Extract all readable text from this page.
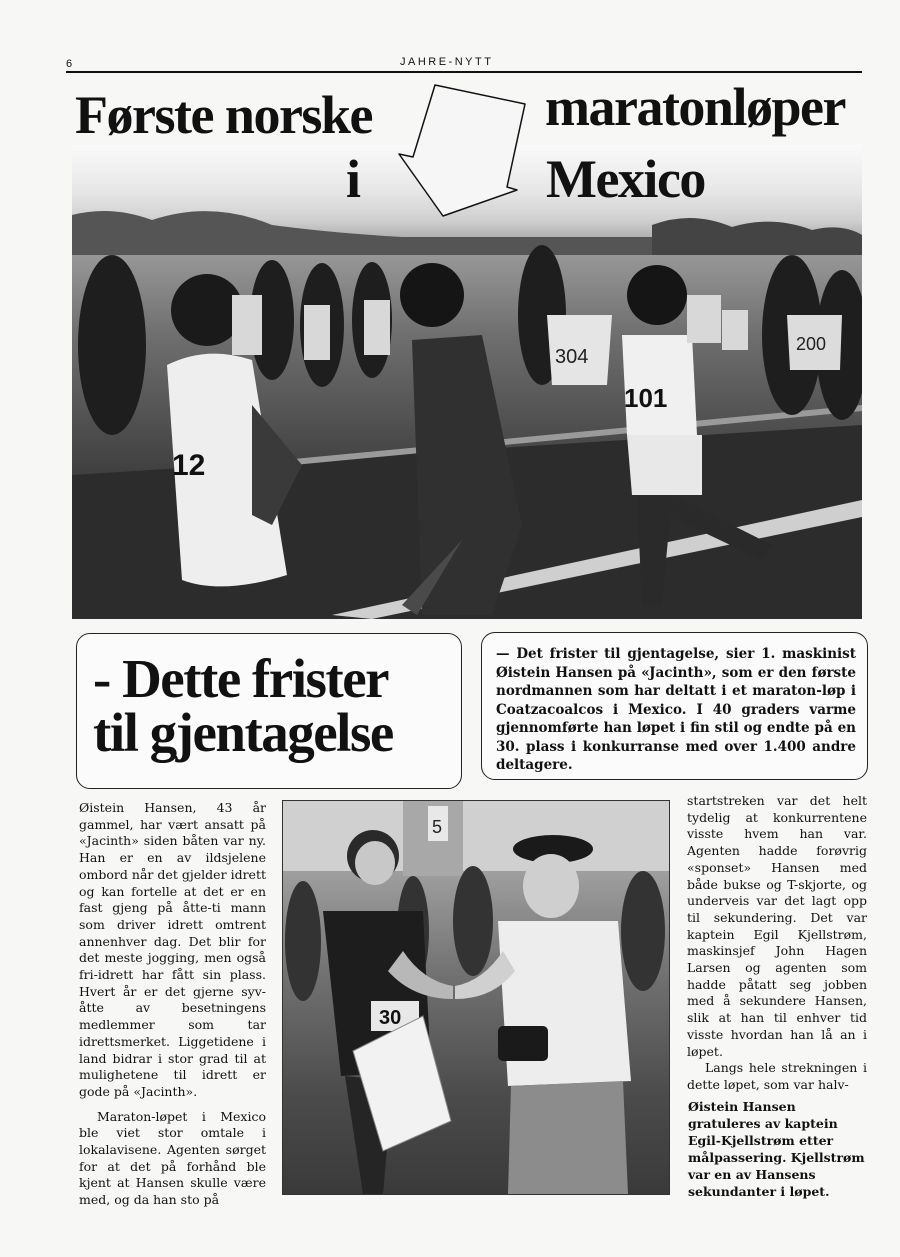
6	JAHRE-NYTT
12
101
304
200
Første norske	maratonløper
i	Mexico
- Dette frister
til gjentagelse
— Det frister til gjentagelse, sier 1. maskinist Øistein Hansen på «Jacinth», som er den første nordmannen som har deltatt i et maraton-løp i Coatzacoalcos i Mexico. I 40 graders varme gjennomførte han løpet i fin stil og endte på en 30. plass i konkurranse med over 1.400 andre deltagere.

Øistein Hansen, 43 år gammel, har vært ansatt på «Jacinth» siden båten var ny. Han er en av ildsjelene ombord når det gjelder idrett og kan fortelle at det er en fast gjeng på åtte-ti mann som driver idrett omtrent annenhver dag. Det blir for det meste jogging, men også fri-idrett har fått sin plass. Hvert år er det gjerne syv-åtte av besetningens medlemmer som tar idrettsmerket. Liggetidene i land bidrar i stor grad til at mulighetene til idrett er gode på «Jacinth».

Maraton-løpet i Mexico ble viet stor omtale i lokalavisene. Agenten sørget for at det på forhånd ble kjent at Hansen skulle være med, og da han sto på

5
30

startstreken var det helt tydelig at konkurrentene visste hvem han var. Agenten hadde forøvrig «sponset» Hansen med både bukse og T-skjorte, og underveis var det lagt opp til sekundering. Det var kaptein Egil Kjellstrøm, maskinsjef John Hagen Larsen og agenten som hadde påtatt seg jobben med å sekundere Hansen, slik at han til enhver tid visste hvordan han lå an i løpet.

Langs hele strekningen i dette løpet, som var halv-

Øistein Hansen gratuleres av kaptein Egil-Kjellstrøm etter målpassering. Kjellstrøm var en av Hansens sekundanter i løpet.
